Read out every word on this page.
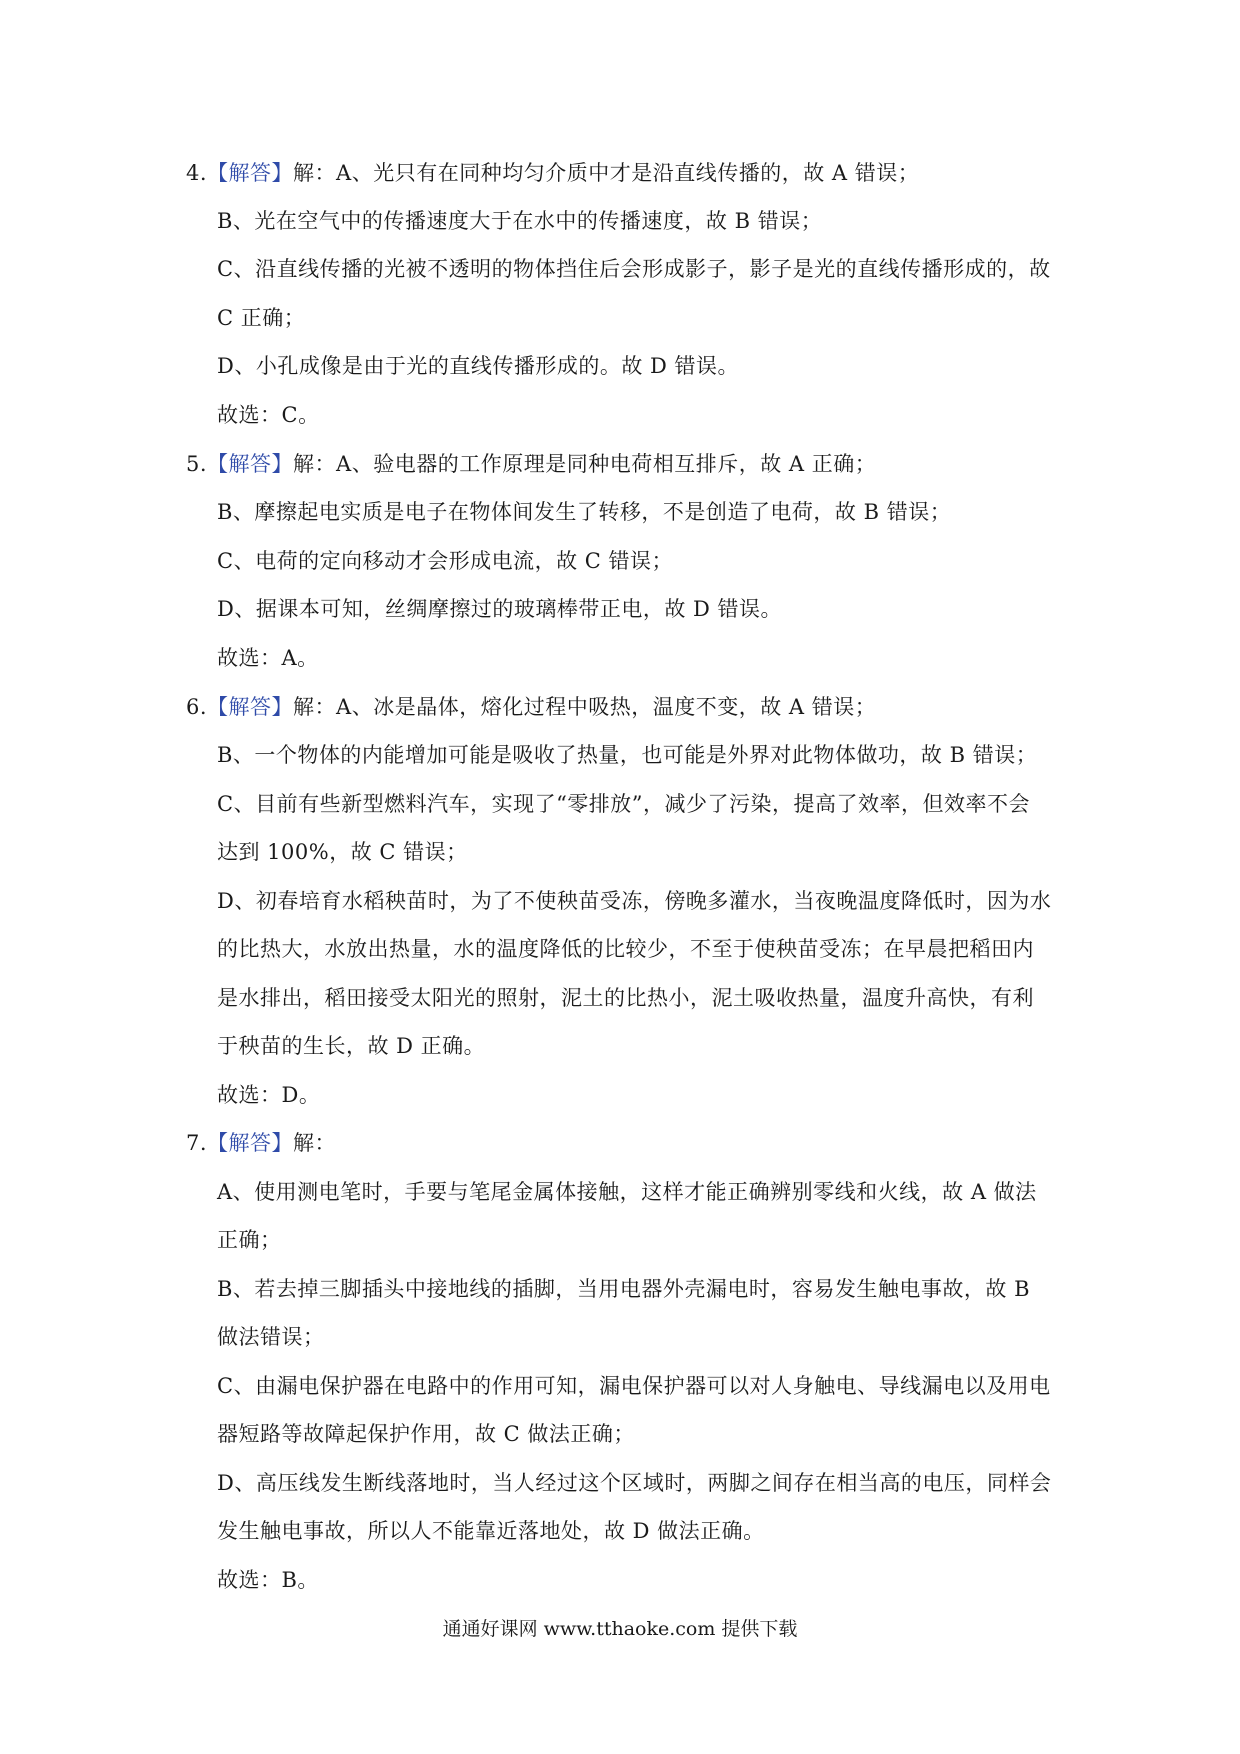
4.【解答】解：A、光只有在同种均匀介质中才是沿直线传播的，故 A 错误；
B、光在空气中的传播速度大于在水中的传播速度，故 B 错误；
C、沿直线传播的光被不透明的物体挡住后会形成影子，影子是光的直线传播形成的，故
C 正确；
D、小孔成像是由于光的直线传播形成的。故 D 错误。
故选：C。
5.【解答】解：A、验电器的工作原理是同种电荷相互排斥，故 A 正确；
B、摩擦起电实质是电子在物体间发生了转移，不是创造了电荷，故 B 错误；
C、电荷的定向移动才会形成电流，故 C 错误；
D、据课本可知，丝绸摩擦过的玻璃棒带正电，故 D 错误。
故选：A。
6.【解答】解：A、冰是晶体，熔化过程中吸热，温度不变，故 A 错误；
B、一个物体的内能增加可能是吸收了热量，也可能是外界对此物体做功，故 B 错误；
C、目前有些新型燃料汽车，实现了“零排放”，减少了污染，提高了效率，但效率不会
达到 100%，故 C 错误；
D、初春培育水稻秧苗时，为了不使秧苗受冻，傍晚多灌水，当夜晚温度降低时，因为水
的比热大，水放出热量，水的温度降低的比较少，不至于使秧苗受冻；在早晨把稻田内
是水排出，稻田接受太阳光的照射，泥土的比热小，泥土吸收热量，温度升高快，有利
于秧苗的生长，故 D 正确。
故选：D。
7.【解答】解：
A、使用测电笔时，手要与笔尾金属体接触，这样才能正确辨别零线和火线，故 A 做法
正确；
B、若去掉三脚插头中接地线的插脚，当用电器外壳漏电时，容易发生触电事故，故 B
做法错误；
C、由漏电保护器在电路中的作用可知，漏电保护器可以对人身触电、导线漏电以及用电
器短路等故障起保护作用，故 C 做法正确；
D、高压线发生断线落地时，当人经过这个区域时，两脚之间存在相当高的电压，同样会
发生触电事故，所以人不能靠近落地处，故 D 做法正确。
故选：B。
通通好课网 www.tthaoke.com 提供下载
